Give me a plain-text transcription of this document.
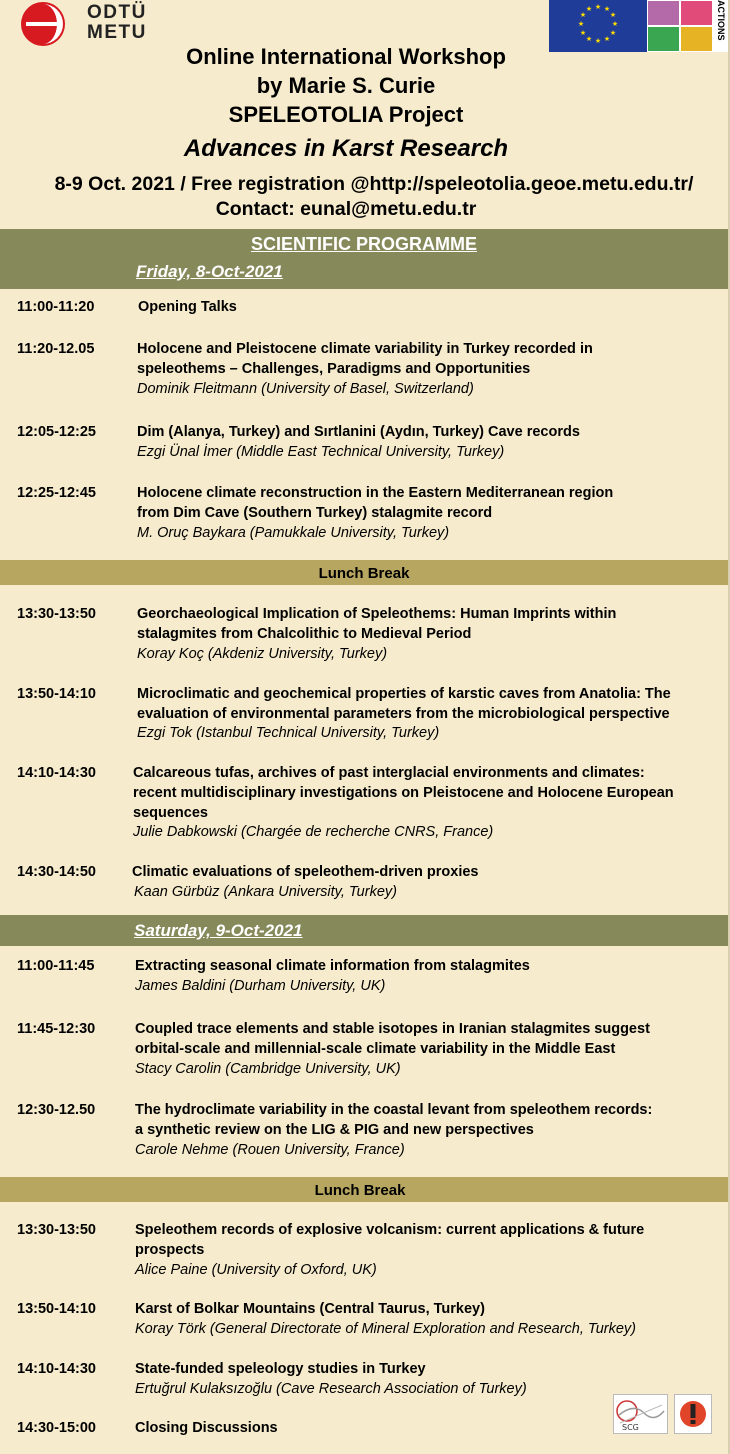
ODTÜ
METU
★ ★
★
★
★
★
★
★
★
★
★
★	ACTIONS
Online International Workshop
by Marie S. Curie
SPELEOTOLIA Project
Advances in Karst Research
8-9 Oct. 2021 / Free registration @http://speleotolia.geoe.metu.edu.tr/
Contact: eunal@metu.edu.tr
SCIENTIFIC PROGRAMME
Friday, 8-Oct-2021
11:00-11:20	Opening Talks
11:20-12.05	Holocene and Pleistocene climate variability in Turkey recorded in
speleothems – Challenges, Paradigms and Opportunities
Dominik Fleitmann (University of Basel, Switzerland)
12:05-12:25	Dim (Alanya, Turkey) and Sırtlanini (Aydın, Turkey) Cave records
Ezgi Ünal İmer (Middle East Technical University, Turkey)
12:25-12:45	Holocene climate reconstruction in the Eastern Mediterranean region
from Dim Cave (Southern Turkey) stalagmite record
M. Oruç Baykara (Pamukkale University, Turkey)
Lunch Break
13:30-13:50	Georchaeological Implication of Speleothems: Human Imprints within
stalagmites from Chalcolithic to Medieval Period
Koray Koç (Akdeniz University, Turkey)
13:50-14:10	Microclimatic and geochemical properties of karstic caves from Anatolia: The
evaluation of environmental parameters from the microbiological perspective
Ezgi Tok (Istanbul Technical University, Turkey)
14:10-14:30	Calcareous tufas, archives of past interglacial environments and climates:
recent multidisciplinary investigations on Pleistocene and Holocene European
sequences
Julie Dabkowski (Chargée de recherche CNRS, France)
14:30-14:50 Climatic evaluations of speleothem-driven proxies
Kaan Gürbüz (Ankara University, Turkey)
Saturday, 9-Oct-2021
11:00-11:45	Extracting seasonal climate information from stalagmites
James Baldini (Durham University, UK)
11:45-12:30	Coupled trace elements and stable isotopes in Iranian stalagmites suggest
orbital-scale and millennial-scale climate variability in the Middle East
Stacy Carolin (Cambridge University, UK)
12:30-12.50	The hydroclimate variability in the coastal levant from speleothem records:
a synthetic review on the LIG & PIG and new perspectives
Carole Nehme (Rouen University, France)
Lunch Break
13:30-13:50	Speleothem records of explosive volcanism: current applications & future
prospects
Alice Paine (University of Oxford, UK)
13:50-14:10	Karst of Bolkar Mountains (Central Taurus, Turkey)
Koray Törk (General Directorate of Mineral Exploration and Research, Turkey)
14:10-14:30	State-funded speleology studies in Turkey
Ertuğrul Kulaksızoğlu (Cave Research Association of Turkey)
14:30-15:00	Closing Discussions	SCG
